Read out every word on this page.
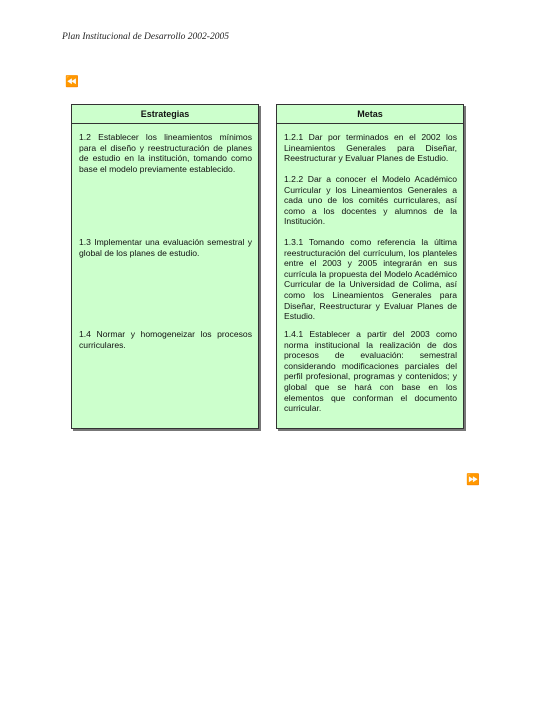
Plan Institucional de Desarrollo 2002-2005
⏪
Estrategias
1.2 Establecer los lineamientos mínimos para el diseño y reestructuración de planes de estudio en la institución, tomando como base el modelo previamente establecido.
1.3 Implementar una evaluación semestral y global de los planes de estudio.
1.4 Normar y homogeneizar los procesos curriculares.
Metas
1.2.1 Dar por terminados en el 2002 los Lineamientos Generales para Diseñar, Reestructurar y Evaluar Planes de Estudio.
1.2.2 Dar a conocer el Modelo Académico Curricular y los Lineamientos Generales a cada uno de los comités curriculares, así como a los docentes y alumnos de la Institución.
1.3.1 Tomando como referencia la última reestructuración del currículum, los planteles entre el 2003 y 2005 integrarán en sus currícula la propuesta del Modelo Académico Curricular de la Universidad de Colima, así como los Lineamientos Generales para Diseñar, Reestructurar y Evaluar Planes de Estudio.
1.4.1 Establecer a partir del 2003 como norma institucional la realización de dos procesos de evaluación: semestral considerando modificaciones parciales del perfil profesional, programas y contenidos; y global que se hará con base en los elementos que conforman el documento curricular.
⏩
